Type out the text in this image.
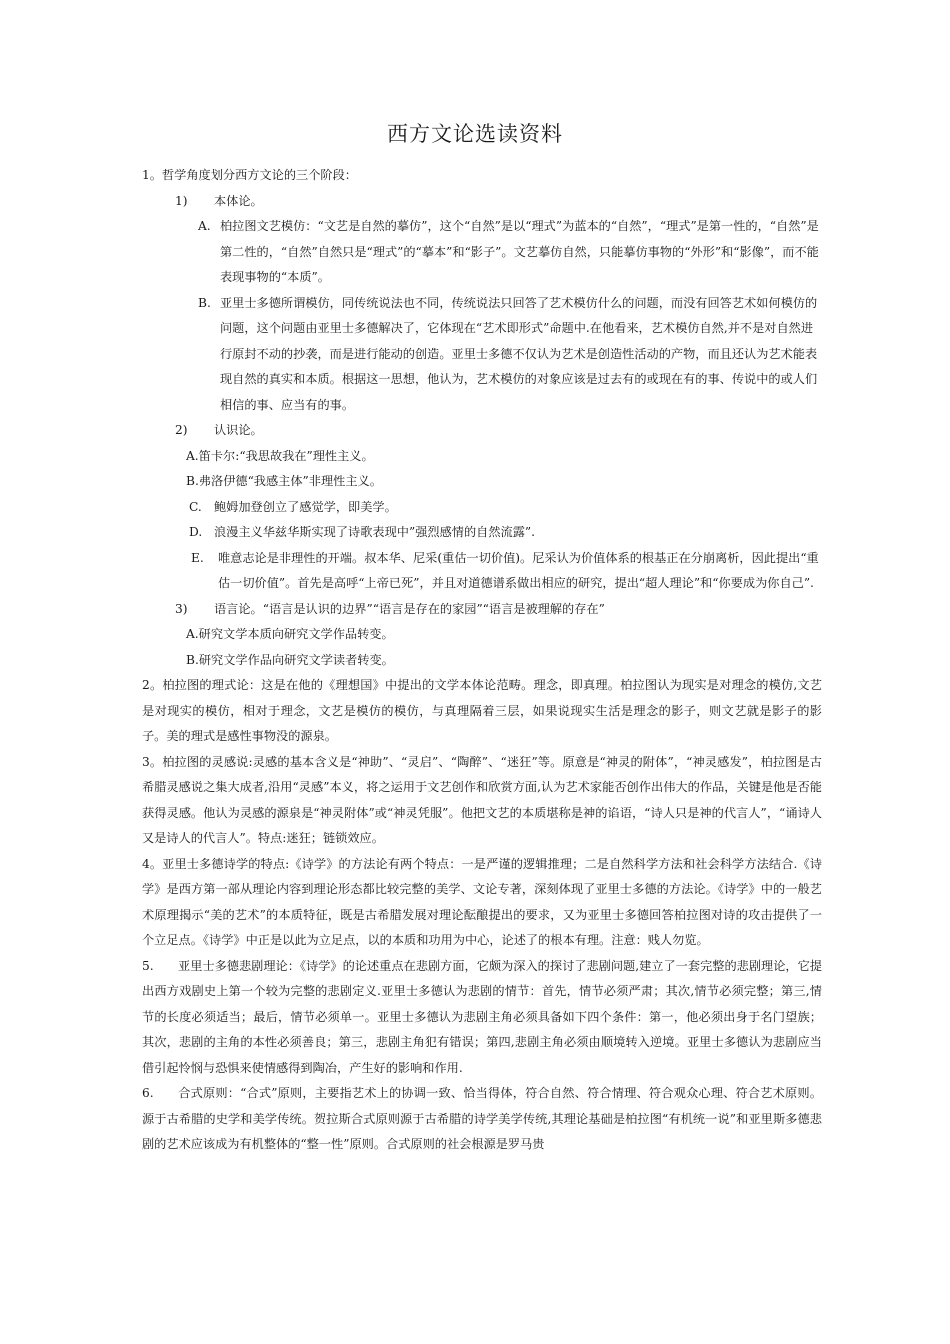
西方文论选读资料

1。哲学角度划分西方文论的三个阶段：

1) 本体论。

A. 柏拉图文艺模仿：“文艺是自然的摹仿”，这个“自然”是以“理式”为蓝本的“自然”，“理式”是第一性的，“自然”是第二性的，“自然”自然只是“理式”的“摹本”和“影子”。文艺摹仿自然，只能摹仿事物的“外形”和“影像”，而不能表现事物的“本质”。

B. 亚里士多德所谓模仿，同传统说法也不同，传统说法只回答了艺术模仿什么的问题，而没有回答艺术如何模仿的问题，这个问题由亚里士多德解决了，它体现在“艺术即形式”命题中.在他看来，艺术模仿自然,并不是对自然进行原封不动的抄袭，而是进行能动的创造。亚里士多德不仅认为艺术是创造性活动的产物，而且还认为艺术能表现自然的真实和本质。根据这一思想，他认为，艺术模仿的对象应该是过去有的或现在有的事、传说中的或人们相信的事、应当有的事。

2) 认识论。

A.笛卡尔:“我思故我在”理性主义。

B.弗洛伊德“我感主体”非理性主义。

C. 鲍姆加登创立了感觉学，即美学。

D. 浪漫主义华兹华斯实现了诗歌表现中”强烈感情的自然流露”.

E. 唯意志论是非理性的开端。叔本华、尼采(重估一切价值)。尼采认为价值体系的根基正在分崩离析，因此提出“重估一切价值”。首先是高呼“上帝已死”，并且对道德谱系做出相应的研究，提出“超人理论”和“你要成为你自己”.

3) 语言论。“语言是认识的边界”“语言是存在的家园”“语言是被理解的存在”

A.研究文学本质向研究文学作品转变。

B.研究文学作品向研究文学读者转变。

2。柏拉图的理式论：这是在他的《理想国》中提出的文学本体论范畴。理念，即真理。柏拉图认为现实是对理念的模仿,文艺是对现实的模仿，相对于理念，文艺是模仿的模仿，与真理隔着三层，如果说现实生活是理念的影子，则文艺就是影子的影子。美的理式是感性事物没的源泉。

3。柏拉图的灵感说:灵感的基本含义是“神助”、“灵启”、“陶醉”、“迷狂”等。原意是“神灵的附体”，“神灵感发”，柏拉图是古希腊灵感说之集大成者,沿用“灵感”本义，将之运用于文艺创作和欣赏方面,认为艺术家能否创作出伟大的作品，关键是他是否能获得灵感。他认为灵感的源泉是“神灵附体”或“神灵凭服”。他把文艺的本质堪称是神的谄语，“诗人只是神的代言人”，“诵诗人又是诗人的代言人”。特点:迷狂；链锁效应。

4。亚里士多德诗学的特点:《诗学》的方法论有两个特点：一是严谨的逻辑推理；二是自然科学方法和社会科学方法结合.《诗学》是西方第一部从理论内容到理论形态都比较完整的美学、文论专著，深刻体现了亚里士多德的方法论。《诗学》中的一般艺术原理揭示“美的艺术”的本质特征，既是古希腊发展对理论酝酿提出的要求，又为亚里士多德回答柏拉图对诗的攻击提供了一个立足点。《诗学》中正是以此为立足点，以的本质和功用为中心，论述了的根本有理。注意：贱人勿览。

5. 亚里士多德悲剧理论：《诗学》的论述重点在悲剧方面，它颇为深入的探讨了悲剧问题,建立了一套完整的悲剧理论，它提出西方戏剧史上第一个较为完整的悲剧定义.亚里士多德认为悲剧的情节：首先，情节必须严肃；其次,情节必须完整；第三,情节的长度必须适当；最后，情节必须单一。亚里士多德认为悲剧主角必须具备如下四个条件：第一，他必须出身于名门望族；其次，悲剧的主角的本性必须善良；第三，悲剧主角犯有错误；第四,悲剧主角必须由顺境转入逆境。亚里士多德认为悲剧应当借引起怜悯与恐惧来使情感得到陶冶，产生好的影响和作用.

6. 合式原则：“合式”原则，主要指艺术上的协调一致、恰当得体，符合自然、符合情理、符合观众心理、符合艺术原则。源于古希腊的史学和美学传统。贺拉斯合式原则源于古希腊的诗学美学传统,其理论基础是柏拉图“有机统一说”和亚里斯多德悲剧的艺术应该成为有机整体的“整一性”原则。合式原则的社会根源是罗马贵
